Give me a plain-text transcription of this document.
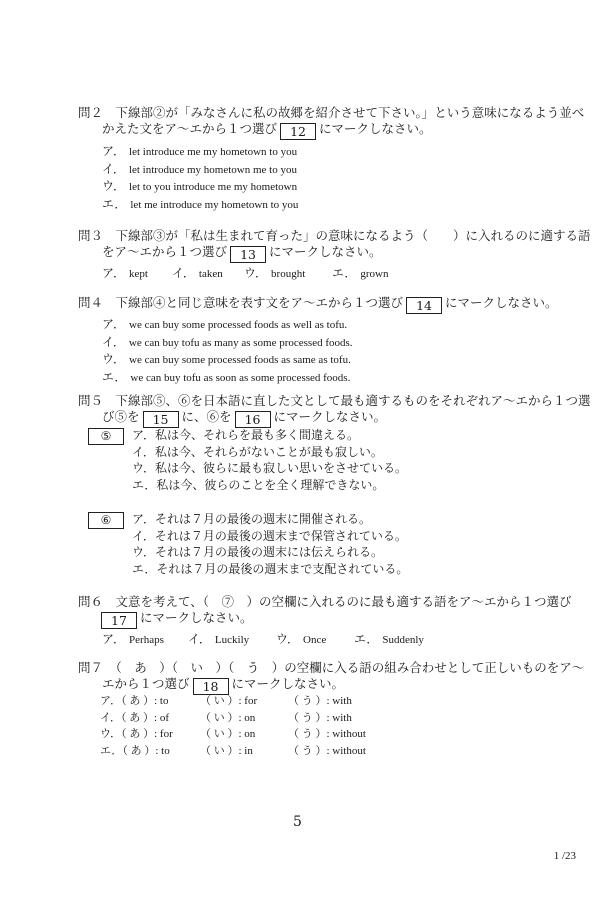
問２　 下線部②が「みなさんに私の故郷を紹介させて下さい。」という意味になるよう並べ
かえた文をア～エから１つ選び 12 にマークしなさい。
ア． let introduce me my hometown to you
イ． let introduce my hometown me to you
ウ． let to you introduce me my hometown
エ． let me introduce my hometown to you
問３　 下線部③が「私は生まれて育った」の意味になるよう（　　）に入れるのに適する語
をア～エから１つ選び 13 にマークしなさい。
ア． kept	イ． taken	ウ． brought	エ． grown
問４　 下線部④と同じ意味を表す文をア～エから１つ選び 14 にマークしなさい。
ア． we can buy some processed foods as well as tofu.
イ． we can buy tofu as many as some processed foods.
ウ． we can buy some processed foods as same as tofu.
エ． we can buy tofu as soon as some processed foods.
問５　 下線部⑤、⑥を日本語に直した文として最も適するものをそれぞれア～エから１つ選
び⑤を 15 に、⑥を 16 にマークしなさい。
⑤	ア．私は今、それらを最も多く間違える。
イ．私は今、それらがないことが最も寂しい。
ウ．私は今、彼らに最も寂しい思いをさせている。
エ．私は今、彼らのことを全く理解できない。
⑥	ア．それは７月の最後の週末に開催される。
イ．それは７月の最後の週末まで保管されている。
ウ．それは７月の最後の週末には伝えられる。
エ．それは７月の最後の週末まで支配されている。
問６　 文意を考えて、（　⑦　）の空欄に入れるのに最も適する語をア～エから１つ選び
17 にマークしなさい。
ア． Perhaps	イ． Luckily	ウ． Once	エ． Suddenly
問７　 （　あ　）（　い　）（　う　）の空欄に入る語の組み合わせとして正しいものをア～
エから１つ選び 18 にマークしなさい。
ア．（ あ ）: to	（ い ）: for	（ う ）: with
イ．（ あ ）: of	（ い ）: on	（ う ）: with
ウ．（ あ ）: for	（ い ）: on	（ う ）: without
エ．（ あ ）: to	（ い ）: in	（ う ）: without
5
1 /23
